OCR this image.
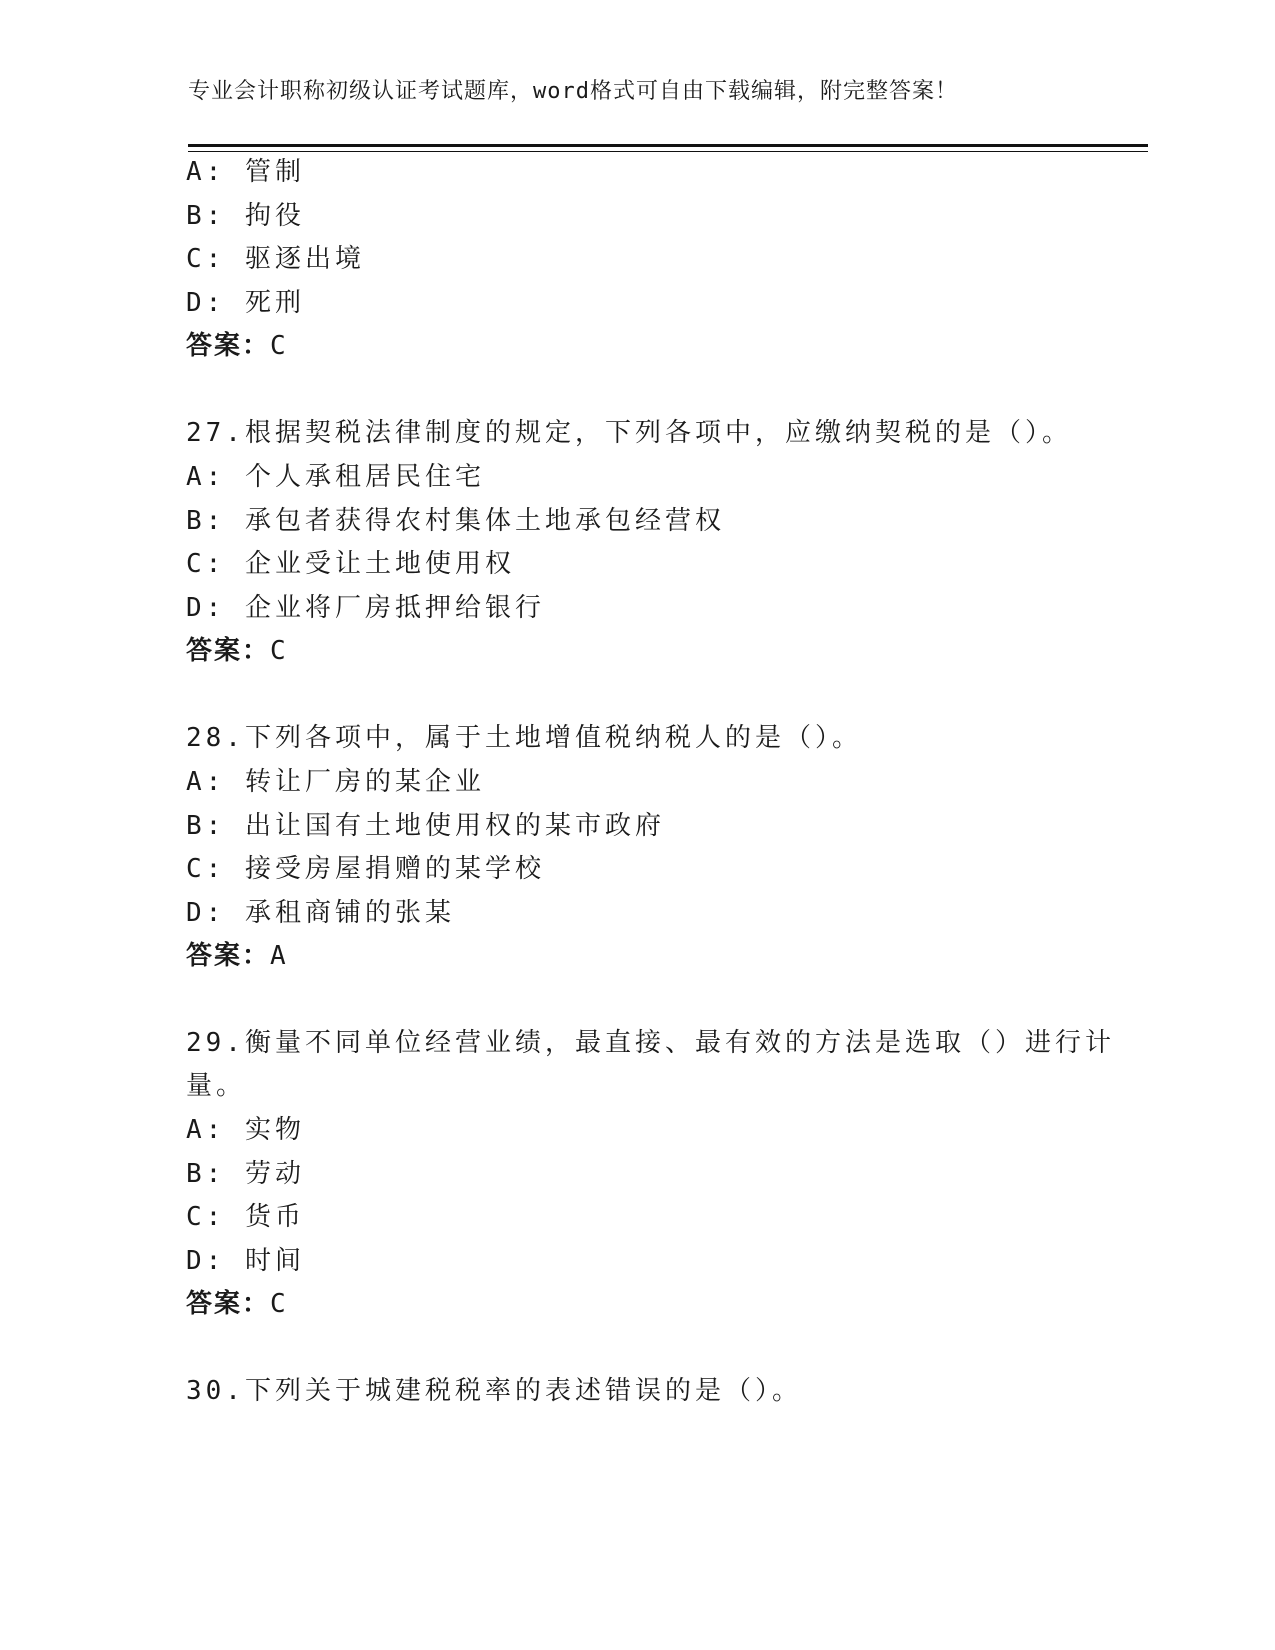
专业会计职称初级认证考试题库，word格式可自由下载编辑，附完整答案！
A: 管制
B: 拘役
C: 驱逐出境
D: 死刑
答案：C
27.根据契税法律制度的规定，下列各项中，应缴纳契税的是（）。
A: 个人承租居民住宅
B: 承包者获得农村集体土地承包经营权
C: 企业受让土地使用权
D: 企业将厂房抵押给银行
答案：C
28.下列各项中，属于土地增值税纳税人的是（）。
A: 转让厂房的某企业
B: 出让国有土地使用权的某市政府
C: 接受房屋捐赠的某学校
D: 承租商铺的张某
答案：A
29.衡量不同单位经营业绩，最直接、最有效的方法是选取（）进行计
量。
A: 实物
B: 劳动
C: 货币
D: 时间
答案：C
30.下列关于城建税税率的表述错误的是（）。
